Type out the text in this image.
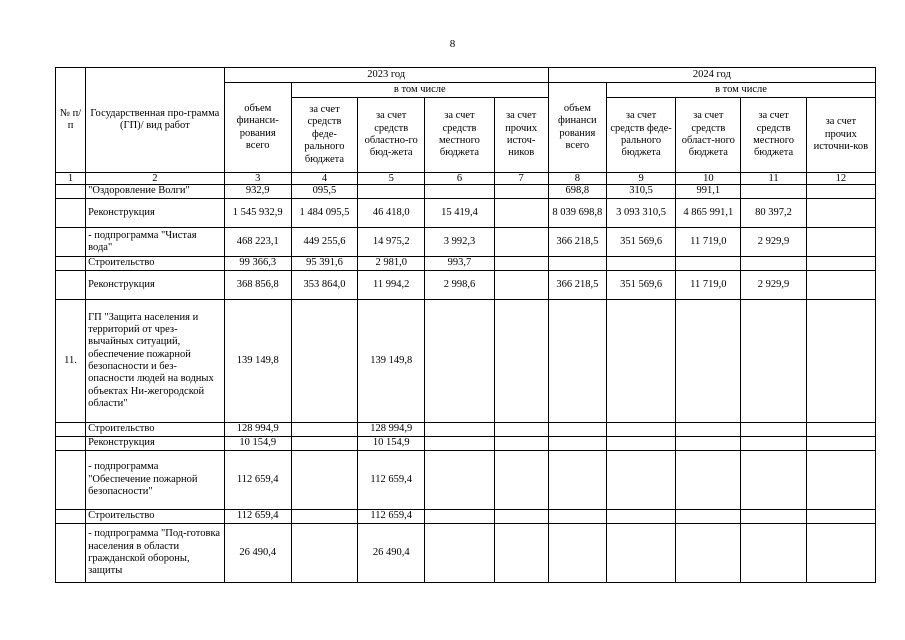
8
№ п/п	Государственная про-грамма (ГП)/ вид работ	2023 год					2024 год				
		объем финанси-рования всего	в том числе				объем финанси рования всего	в том числе			
			за счет средств феде-рального бюджета	за счет средств областно-го бюд-жета	за счет средств местного бюджета	за счет прочих источ-ников		за счет средств феде-рального бюджета	за счет средств област-ного бюджета	за счет средств местного бюджета	за счет прочих источни-ков
1	2	3	4	5	6	7	8	9	10	11	12
	"Оздоровление Волги"	932,9	095,5				698,8	310,5	991,1		
	Реконструкция	1 545 932,9	1 484 095,5	46 418,0	15 419,4		8 039 698,8	3 093 310,5	4 865 991,1	80 397,2	
	- подпрограмма "Чистая вода"	468 223,1	449 255,6	14 975,2	3 992,3		366 218,5	351 569,6	11 719,0	2 929,9	
	Строительство	99 366,3	95 391,6	2 981,0	993,7						
	Реконструкция	368 856,8	353 864,0	11 994,2	2 998,6		366 218,5	351 569,6	11 719,0	2 929,9	
11.	ГП "Защита населения и территорий от чрез-вычайных ситуаций, обеспечение пожарной безопасности и без-опасности людей на водных объектах Ни-жегородской области"	139 149,8		139 149,8							
	Строительство	128 994,9		128 994,9							
	Реконструкция	10 154,9		10 154,9							
	- подпрограмма "Обеспечение пожарной безопасности"	112 659,4		112 659,4							
	Строительство	112 659,4		112 659,4							
	- подпрограмма "Под-готовка населения в области гражданской обороны, защиты	26 490,4		26 490,4							
